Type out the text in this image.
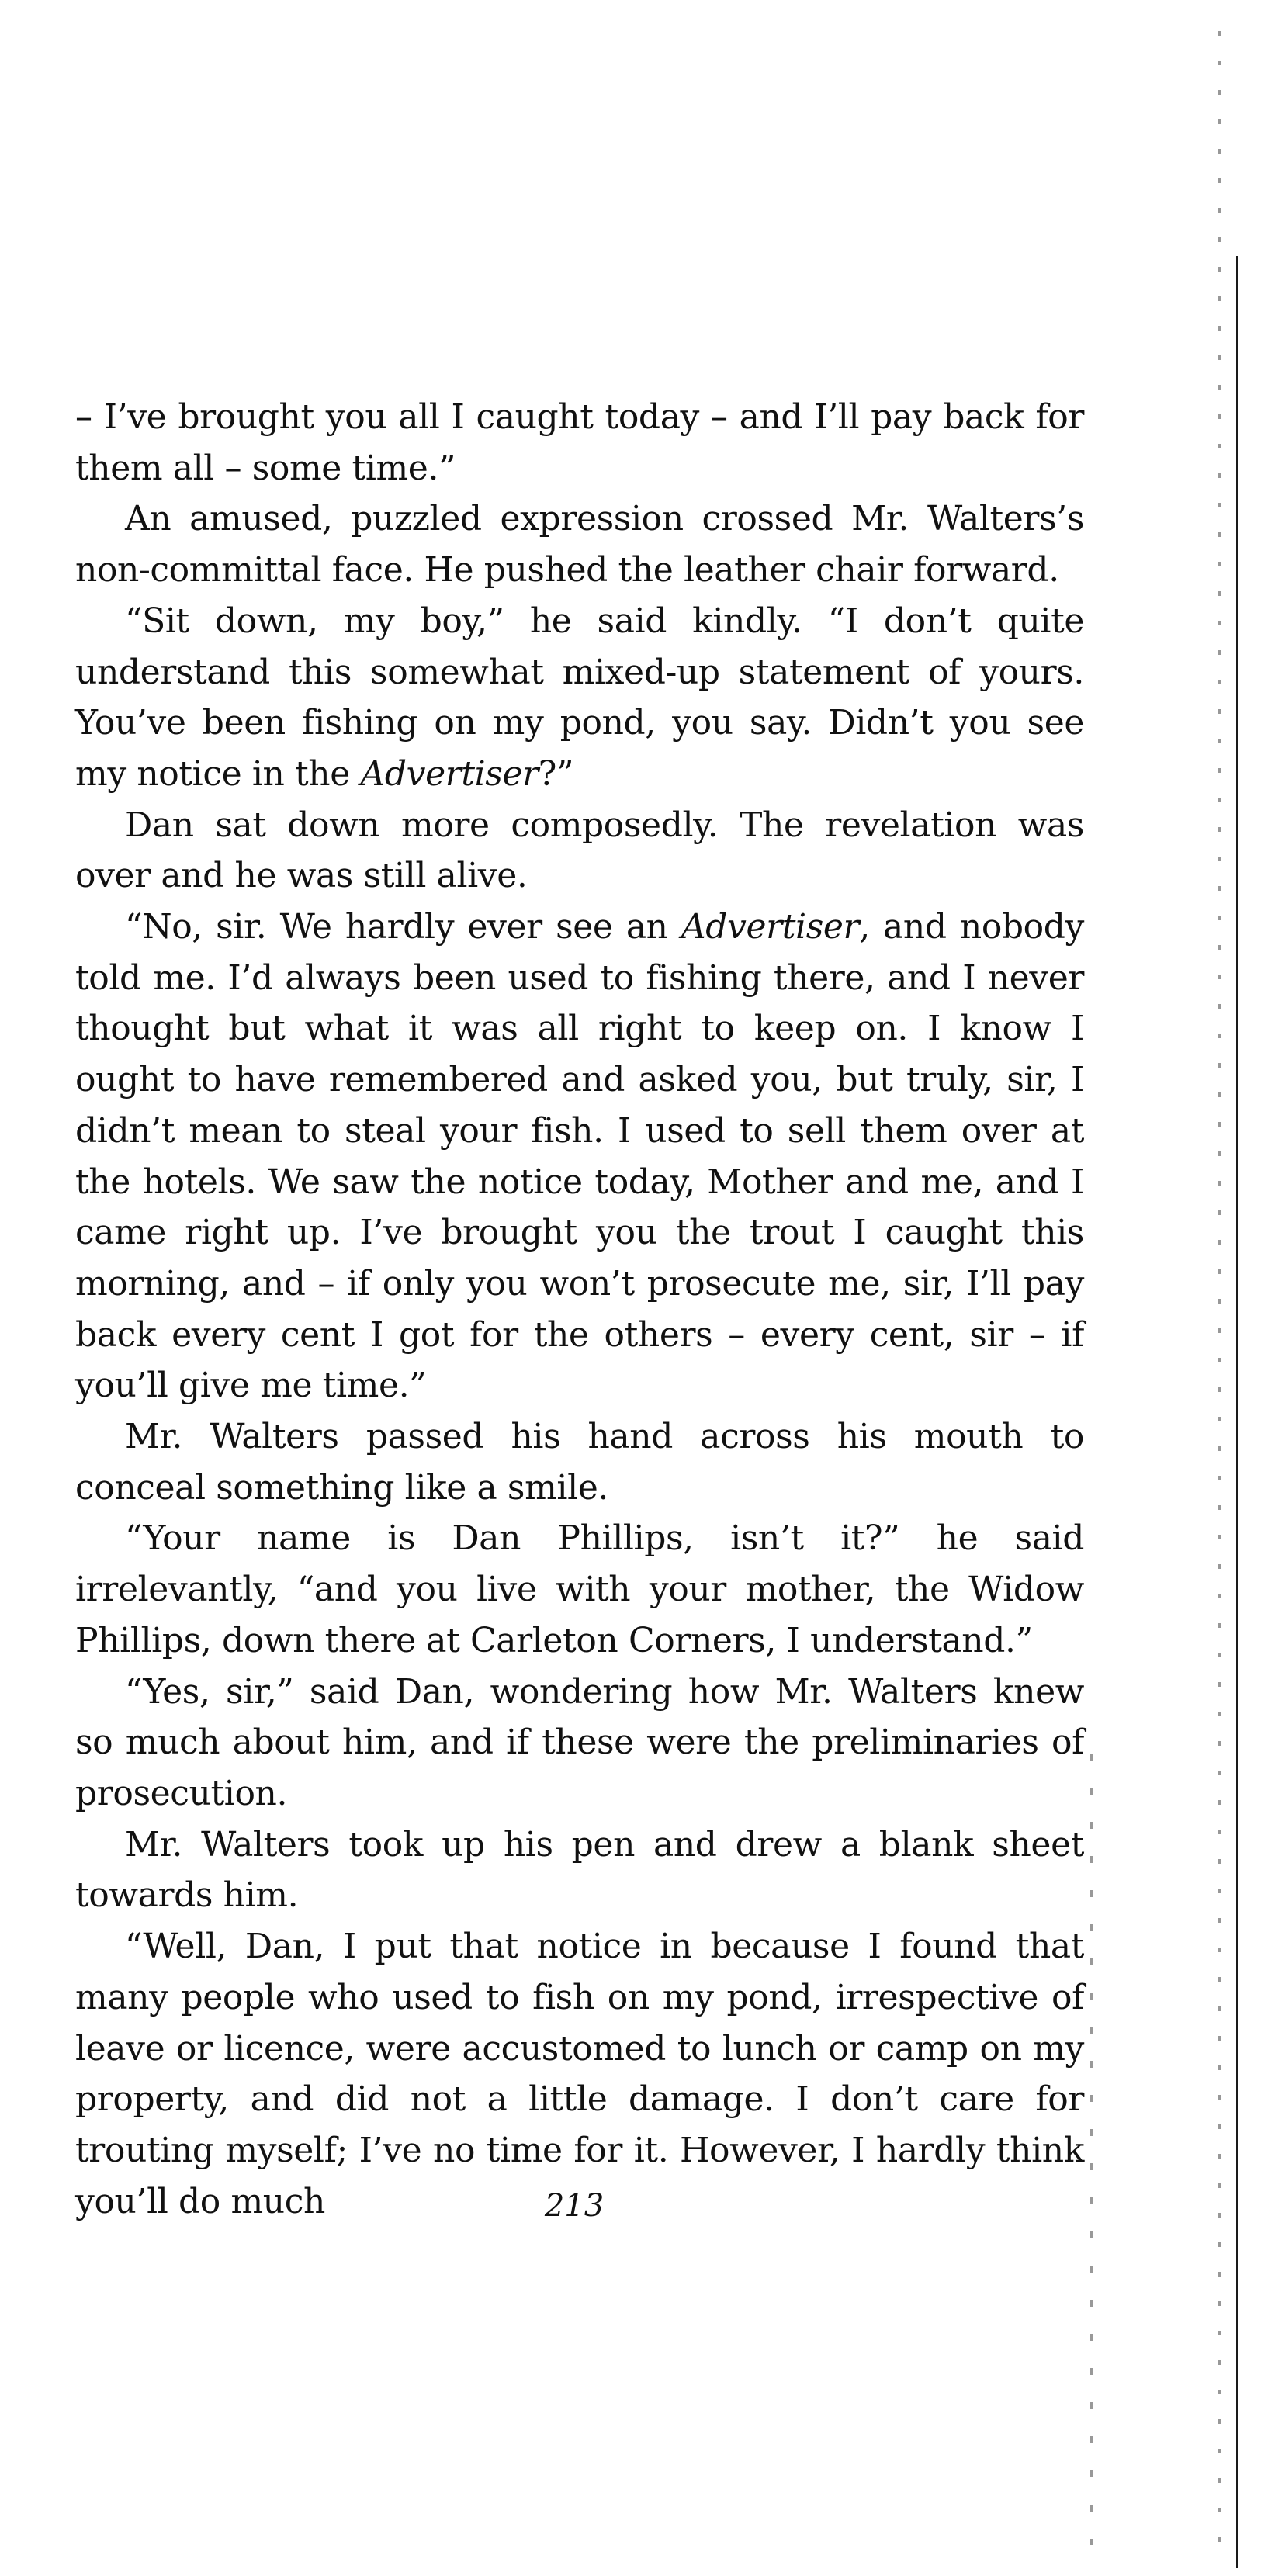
– I’ve brought you all I caught today – and I’ll pay back for them all – some time.”

An amused, puzzled expression crossed Mr. Walters’s non-committal face. He pushed the leather chair forward.

“Sit down, my boy,” he said kindly. “I don’t quite understand this somewhat mixed-up statement of yours. You’ve been fishing on my pond, you say. Didn’t you see my notice in the Advertiser?”

Dan sat down more composedly. The revelation was over and he was still alive.

“No, sir. We hardly ever see an Advertiser, and nobody told me. I’d always been used to fishing there, and I never thought but what it was all right to keep on. I know I ought to have remembered and asked you, but truly, sir, I didn’t mean to steal your fish. I used to sell them over at the hotels. We saw the notice today, Mother and me, and I came right up. I’ve brought you the trout I caught this morning, and – if only you won’t prosecute me, sir, I’ll pay back every cent I got for the others – every cent, sir – if you’ll give me time.”

Mr. Walters passed his hand across his mouth to conceal something like a smile.

“Your name is Dan Phillips, isn’t it?” he said irrelevantly, “and you live with your mother, the Widow Phillips, down there at Carleton Corners, I understand.”

“Yes, sir,” said Dan, wondering how Mr. Walters knew so much about him, and if these were the preliminaries of prosecution.

Mr. Walters took up his pen and drew a blank sheet towards him.

“Well, Dan, I put that notice in because I found that many people who used to fish on my pond, irrespective of leave or licence, were accustomed to lunch or camp on my property, and did not a little damage. I don’t care for trouting myself; I’ve no time for it. However, I hardly think you’ll do much	213
